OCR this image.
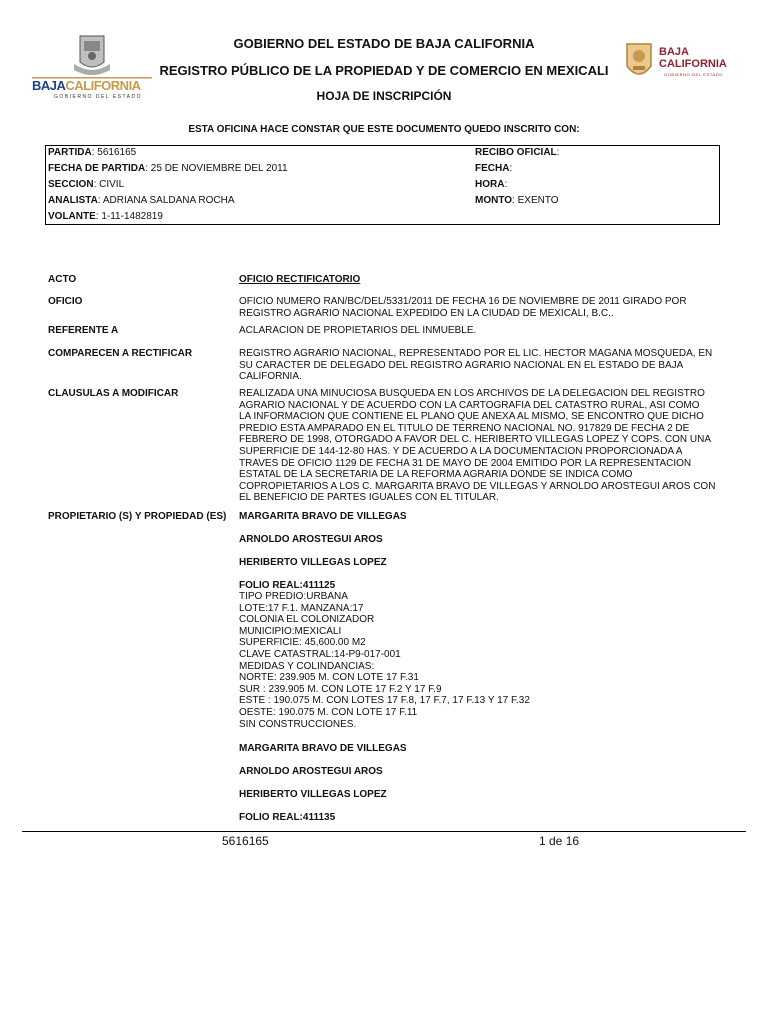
BAJACALIFORNIA
GOBIERNO DEL ESTADO
GOBIERNO DEL ESTADO DE BAJA CALIFORNIA
REGISTRO PÚBLICO DE LA PROPIEDAD Y DE COMERCIO EN MEXICALI
HOJA DE INSCRIPCIÓN
BAJA
CALIFORNIA
GOBIERNO DEL ESTADO
ESTA OFICINA HACE CONSTAR QUE ESTE DOCUMENTO QUEDO INSCRITO CON:
PARTIDA: 5616165
FECHA DE PARTIDA: 25 DE NOVIEMBRE DEL 2011
SECCION: CIVIL
ANALISTA: ADRIANA SALDANA ROCHA
VOLANTE: 1-11-1482819
RECIBO OFICIAL:
FECHA:
HORA:
MONTO: EXENTO
ACTO	OFICIO RECTIFICATORIO
OFICIO	OFICIO NUMERO RAN/BC/DEL/5331/2011 DE FECHA 16 DE NOVIEMBRE DE 2011 GIRADO POR
REGISTRO AGRARIO NACIONAL EXPEDIDO EN LA CIUDAD DE MEXICALI, B.C..
REFERENTE A	ACLARACION DE PROPIETARIOS DEL INMUEBLE.
COMPARECEN A RECTIFICAR	REGISTRO AGRARIO NACIONAL, REPRESENTADO POR EL LIC. HECTOR MAGANA MOSQUEDA, EN
SU CARACTER DE DELEGADO DEL REGISTRO AGRARIO NACIONAL EN EL ESTADO DE BAJA
CALIFORNIA.
CLAUSULAS A MODIFICAR	REALIZADA UNA MINUCIOSA BUSQUEDA EN LOS ARCHIVOS DE LA DELEGACION DEL REGISTRO
AGRARIO NACIONAL Y DE ACUERDO CON LA CARTOGRAFIA DEL CATASTRO RURAL, ASI COMO
LA INFORMACION QUE CONTIENE EL PLANO QUE ANEXA AL MISMO, SE ENCONTRO QUE DICHO
PREDIO ESTA AMPARADO EN EL TITULO DE TERRENO NACIONAL NO. 917829 DE FECHA 2 DE
FEBRERO DE 1998, OTORGADO A FAVOR DEL C. HERIBERTO VILLEGAS LOPEZ Y COPS. CON UNA
SUPERFICIE DE 144-12-80 HAS. Y DE ACUERDO A LA DOCUMENTACION PROPORCIONADA A
TRAVES DE OFICIO 1129 DE FECHA 31 DE MAYO DE 2004 EMITIDO POR LA REPRESENTACION
ESTATAL DE LA SECRETARIA DE LA REFORMA AGRARIA DONDE SE INDICA COMO
COPROPIETARIOS A LOS C. MARGARITA BRAVO DE VILLEGAS Y ARNOLDO AROSTEGUI AROS CON
EL BENEFICIO DE PARTES IGUALES CON EL TITULAR.
PROPIETARIO (S) Y PROPIEDAD (ES) MARGARITA BRAVO DE VILLEGAS
ARNOLDO AROSTEGUI AROS
HERIBERTO VILLEGAS LOPEZ
FOLIO REAL:411125
TIPO PREDIO:URBANA
LOTE:17 F.1. MANZANA:17
COLONIA EL COLONIZADOR
MUNICIPIO:MEXICALI
SUPERFICIE: 45,600.00 M2
CLAVE CATASTRAL:14-P9-017-001
MEDIDAS Y COLINDANCIAS:
NORTE: 239.905 M. CON LOTE 17 F.31
SUR : 239.905 M. CON LOTE 17 F.2 Y 17 F.9
ESTE : 190.075 M. CON LOTES 17 F.8, 17 F.7, 17 F.13 Y 17 F.32
OESTE: 190.075 M. CON LOTE 17 F.11
SIN CONSTRUCCIONES.
MARGARITA BRAVO DE VILLEGAS
ARNOLDO AROSTEGUI AROS
HERIBERTO VILLEGAS LOPEZ
FOLIO REAL:411135
5616165	1 de 16
